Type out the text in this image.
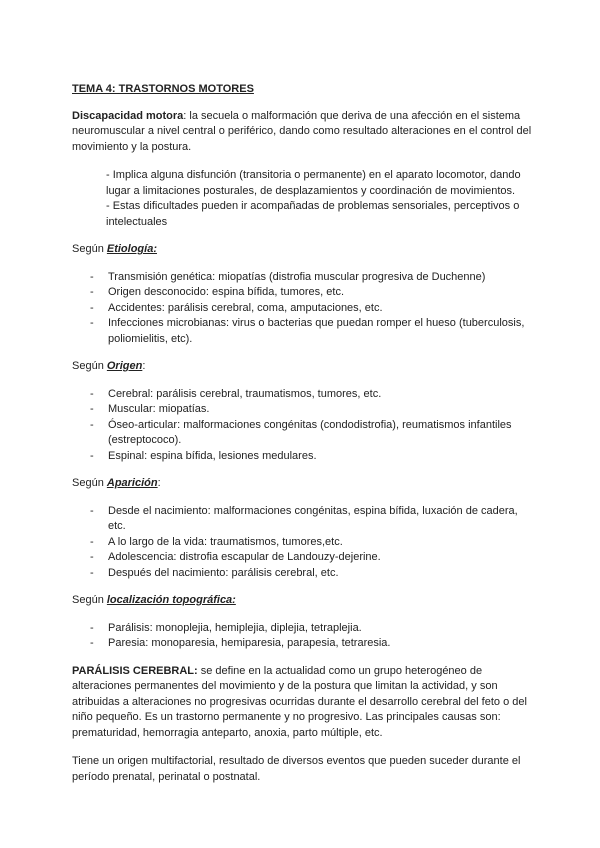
TEMA 4: TRASTORNOS MOTORES

Discapacidad motora: la secuela o malformación que deriva de una afección en el sistema neuromuscular a nivel central o periférico, dando como resultado alteraciones en el control del movimiento y la postura.

- Implica alguna disfunción (transitoria o permanente) en el aparato locomotor, dando lugar a limitaciones posturales, de desplazamientos y coordinación de movimientos.

- Estas dificultades pueden ir acompañadas de problemas sensoriales, perceptivos o intelectuales

Según Etiología:

- Transmisión genética: miopatías (distrofia muscular progresiva de Duchenne)
- Origen desconocido: espina bífida, tumores, etc.
- Accidentes: parálisis cerebral, coma, amputaciones, etc.
- Infecciones microbianas: virus o bacterias que puedan romper el hueso (tuberculosis, poliomielitis, etc).

Según Origen:

- Cerebral: parálisis cerebral, traumatismos, tumores, etc.
- Muscular: miopatías.
- Óseo-articular: malformaciones congénitas (condodistrofia), reumatismos infantiles (estreptococo).
- Espinal: espina bífida, lesiones medulares.

Según Aparición:

- Desde el nacimiento: malformaciones congénitas, espina bífida, luxación de cadera, etc.
- A lo largo de la vida: traumatismos, tumores,etc.
- Adolescencia: distrofia escapular de Landouzy-dejerine.
- Después del nacimiento: parálisis cerebral, etc.

Según localización topográfica:

- Parálisis: monoplejia, hemiplejia, diplejia, tetraplejia.
- Paresia: monoparesia, hemiparesia, parapesia, tetraresia.

PARÁLISIS CEREBRAL: se define en la actualidad como un grupo heterogéneo de alteraciones permanentes del movimiento y de la postura que limitan la actividad, y son atribuidas a alteraciones no progresivas ocurridas durante el desarrollo cerebral del feto o del niño pequeño. Es un trastorno permanente y no progresivo. Las principales causas son: prematuridad, hemorragia anteparto, anoxia, parto múltiple, etc.

Tiene un origen multifactorial, resultado de diversos eventos que pueden suceder durante el período prenatal, perinatal o postnatal.
